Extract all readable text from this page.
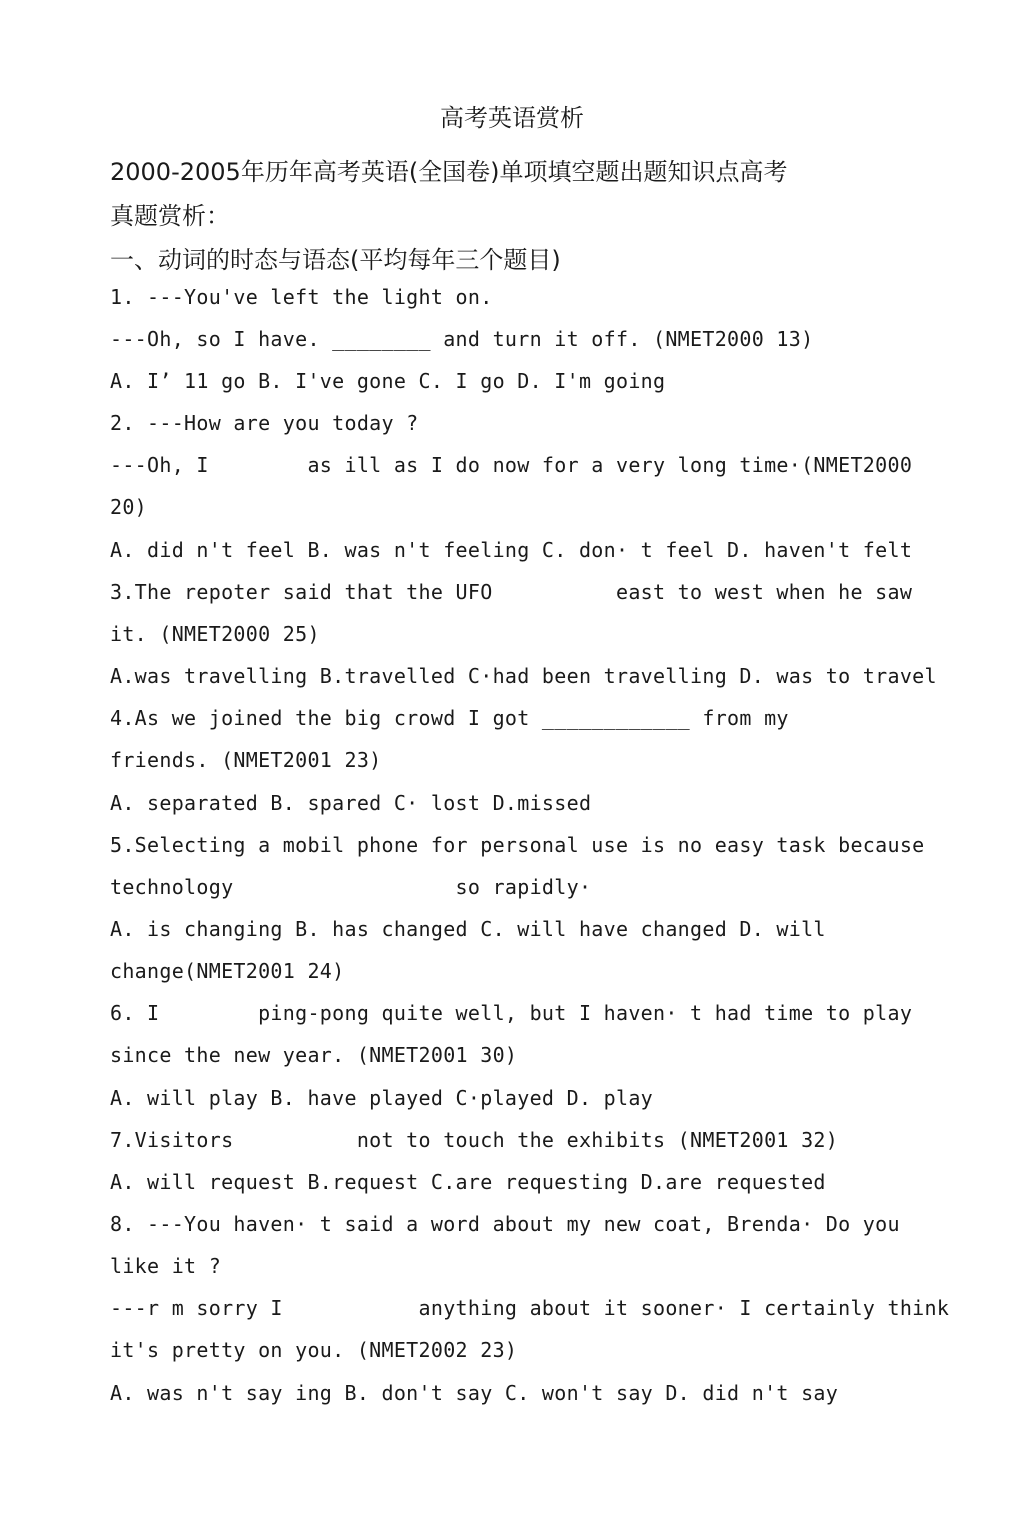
高考英语赏析
2000-2005年历年高考英语(全国卷)单项填空题出题知识点高考
真题赏析：
一、动词的时态与语态(平均每年三个题目)
1. ---You've left the light on.
---Oh, so I have. ________ and turn it off. (NMET2000 13)
A. I’ 11 go B. I've gone C. I go D. I'm going
2. ---How are you today ?
---Oh, I        as ill as I do now for a very long time·(NMET2000
20)
A. did n't feel B. was n't feeling C. don· t feel D. haven't felt
3.The repoter said that the UFO          east to west when he saw
it. (NMET2000 25)
A.was travelling B.travelled C·had been travelling D. was to travel
4.As we joined the big crowd I got ____________ from my
friends. (NMET2001 23)
A. separated B. spared C· lost D.missed
5.Selecting a mobil phone for personal use is no easy task because
technology                  so rapidly·
A. is changing B. has changed C. will have changed D. will
change(NMET2001 24)
6. I        ping-pong quite well, but I haven· t had time to play
since the new year. (NMET2001 30)
A. will play B. have played C·played D. play
7.Visitors          not to touch the exhibits (NMET2001 32)
A. will request B.request C.are requesting D.are requested
8. ---You haven· t said a word about my new coat, Brenda· Do you
like it ?
---r m sorry I           anything about it sooner· I certainly think
it's pretty on you. (NMET2002 23)
A. was n't say ing B. don't say C. won't say D. did n't say
